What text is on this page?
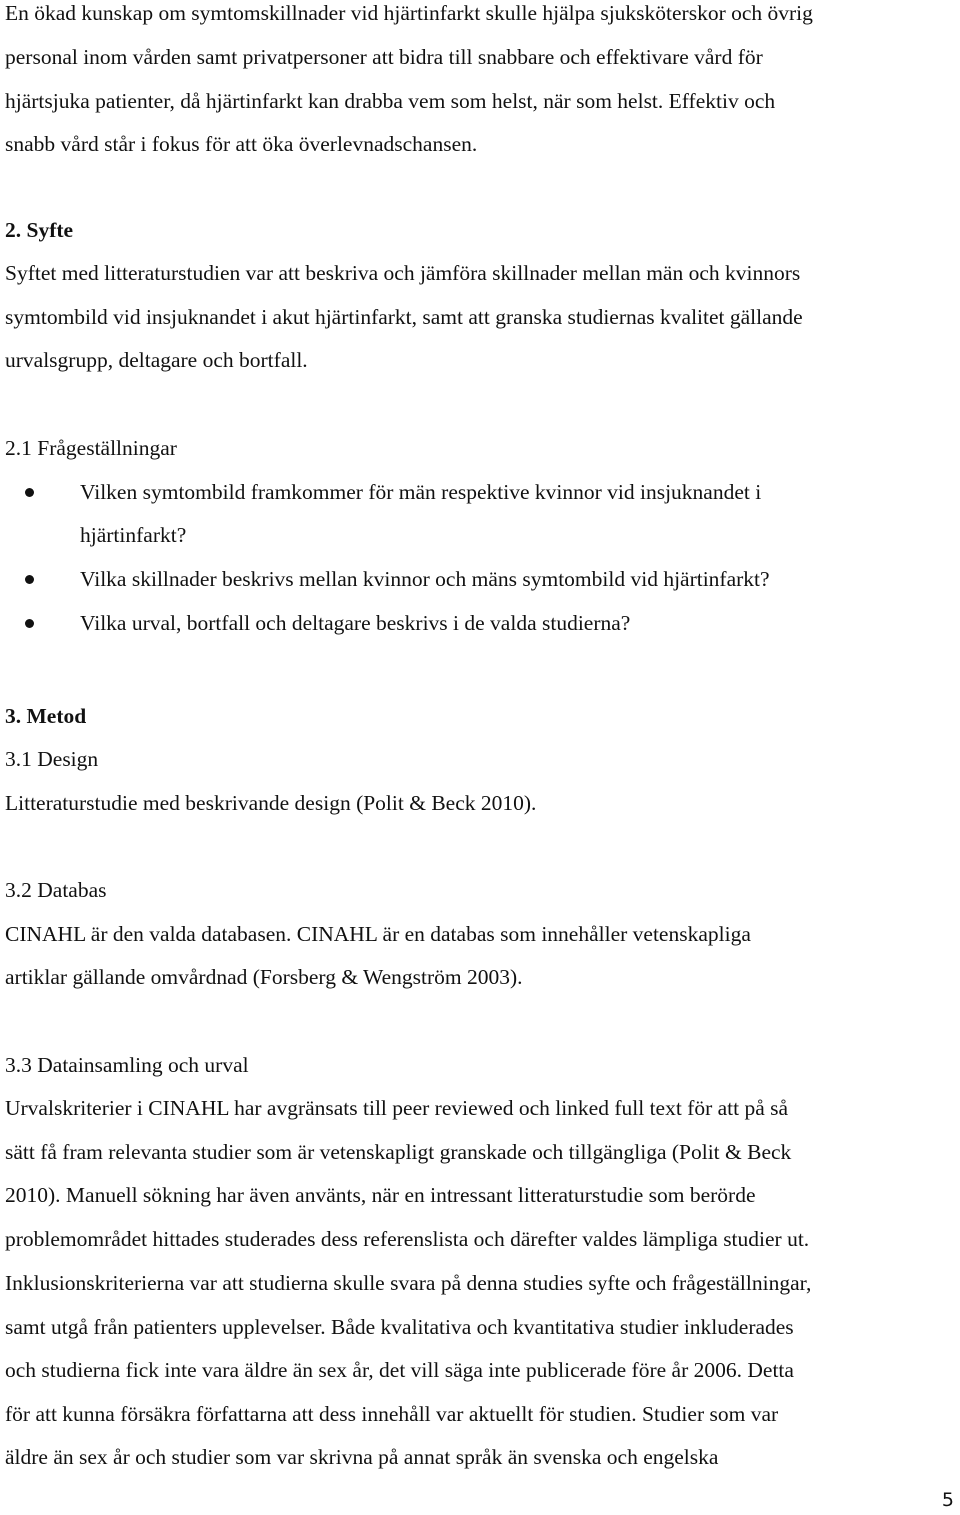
En ökad kunskap om symtomskillnader vid hjärtinfarkt skulle hjälpa sjuksköterskor och övrig
personal inom vården samt privatpersoner att bidra till snabbare och effektivare vård för
hjärtsjuka patienter, då hjärtinfarkt kan drabba vem som helst, när som helst. Effektiv och
snabb vård står i fokus för att öka överlevnadschansen.
2. Syfte
Syftet med litteraturstudien var att beskriva och jämföra skillnader mellan män och kvinnors
symtombild vid insjuknandet i akut hjärtinfarkt, samt att granska studiernas kvalitet gällande
urvalsgrupp, deltagare och bortfall.
2.1 Frågeställningar
Vilken symtombild framkommer för män respektive kvinnor vid insjuknandet i
hjärtinfarkt?
Vilka skillnader beskrivs mellan kvinnor och mäns symtombild vid hjärtinfarkt?
Vilka urval, bortfall och deltagare beskrivs i de valda studierna?
3. Metod
3.1 Design
Litteraturstudie med beskrivande design (Polit & Beck 2010).
3.2 Databas
CINAHL är den valda databasen. CINAHL är en databas som innehåller vetenskapliga
artiklar gällande omvårdnad (Forsberg & Wengström 2003).
3.3 Datainsamling och urval
Urvalskriterier i CINAHL har avgränsats till peer reviewed och linked full text för att på så
sätt få fram relevanta studier som är vetenskapligt granskade och tillgängliga (Polit & Beck
2010). Manuell sökning har även använts, när en intressant litteraturstudie som berörde
problemområdet hittades studerades dess referenslista och därefter valdes lämpliga studier ut.
Inklusionskriterierna var att studierna skulle svara på denna studies syfte och frågeställningar,
samt utgå från patienters upplevelser. Både kvalitativa och kvantitativa studier inkluderades
och studierna fick inte vara äldre än sex år, det vill säga inte publicerade före år 2006. Detta
för att kunna försäkra författarna att dess innehåll var aktuellt för studien. Studier som var
äldre än sex år och studier som var skrivna på annat språk än svenska och engelska
5
